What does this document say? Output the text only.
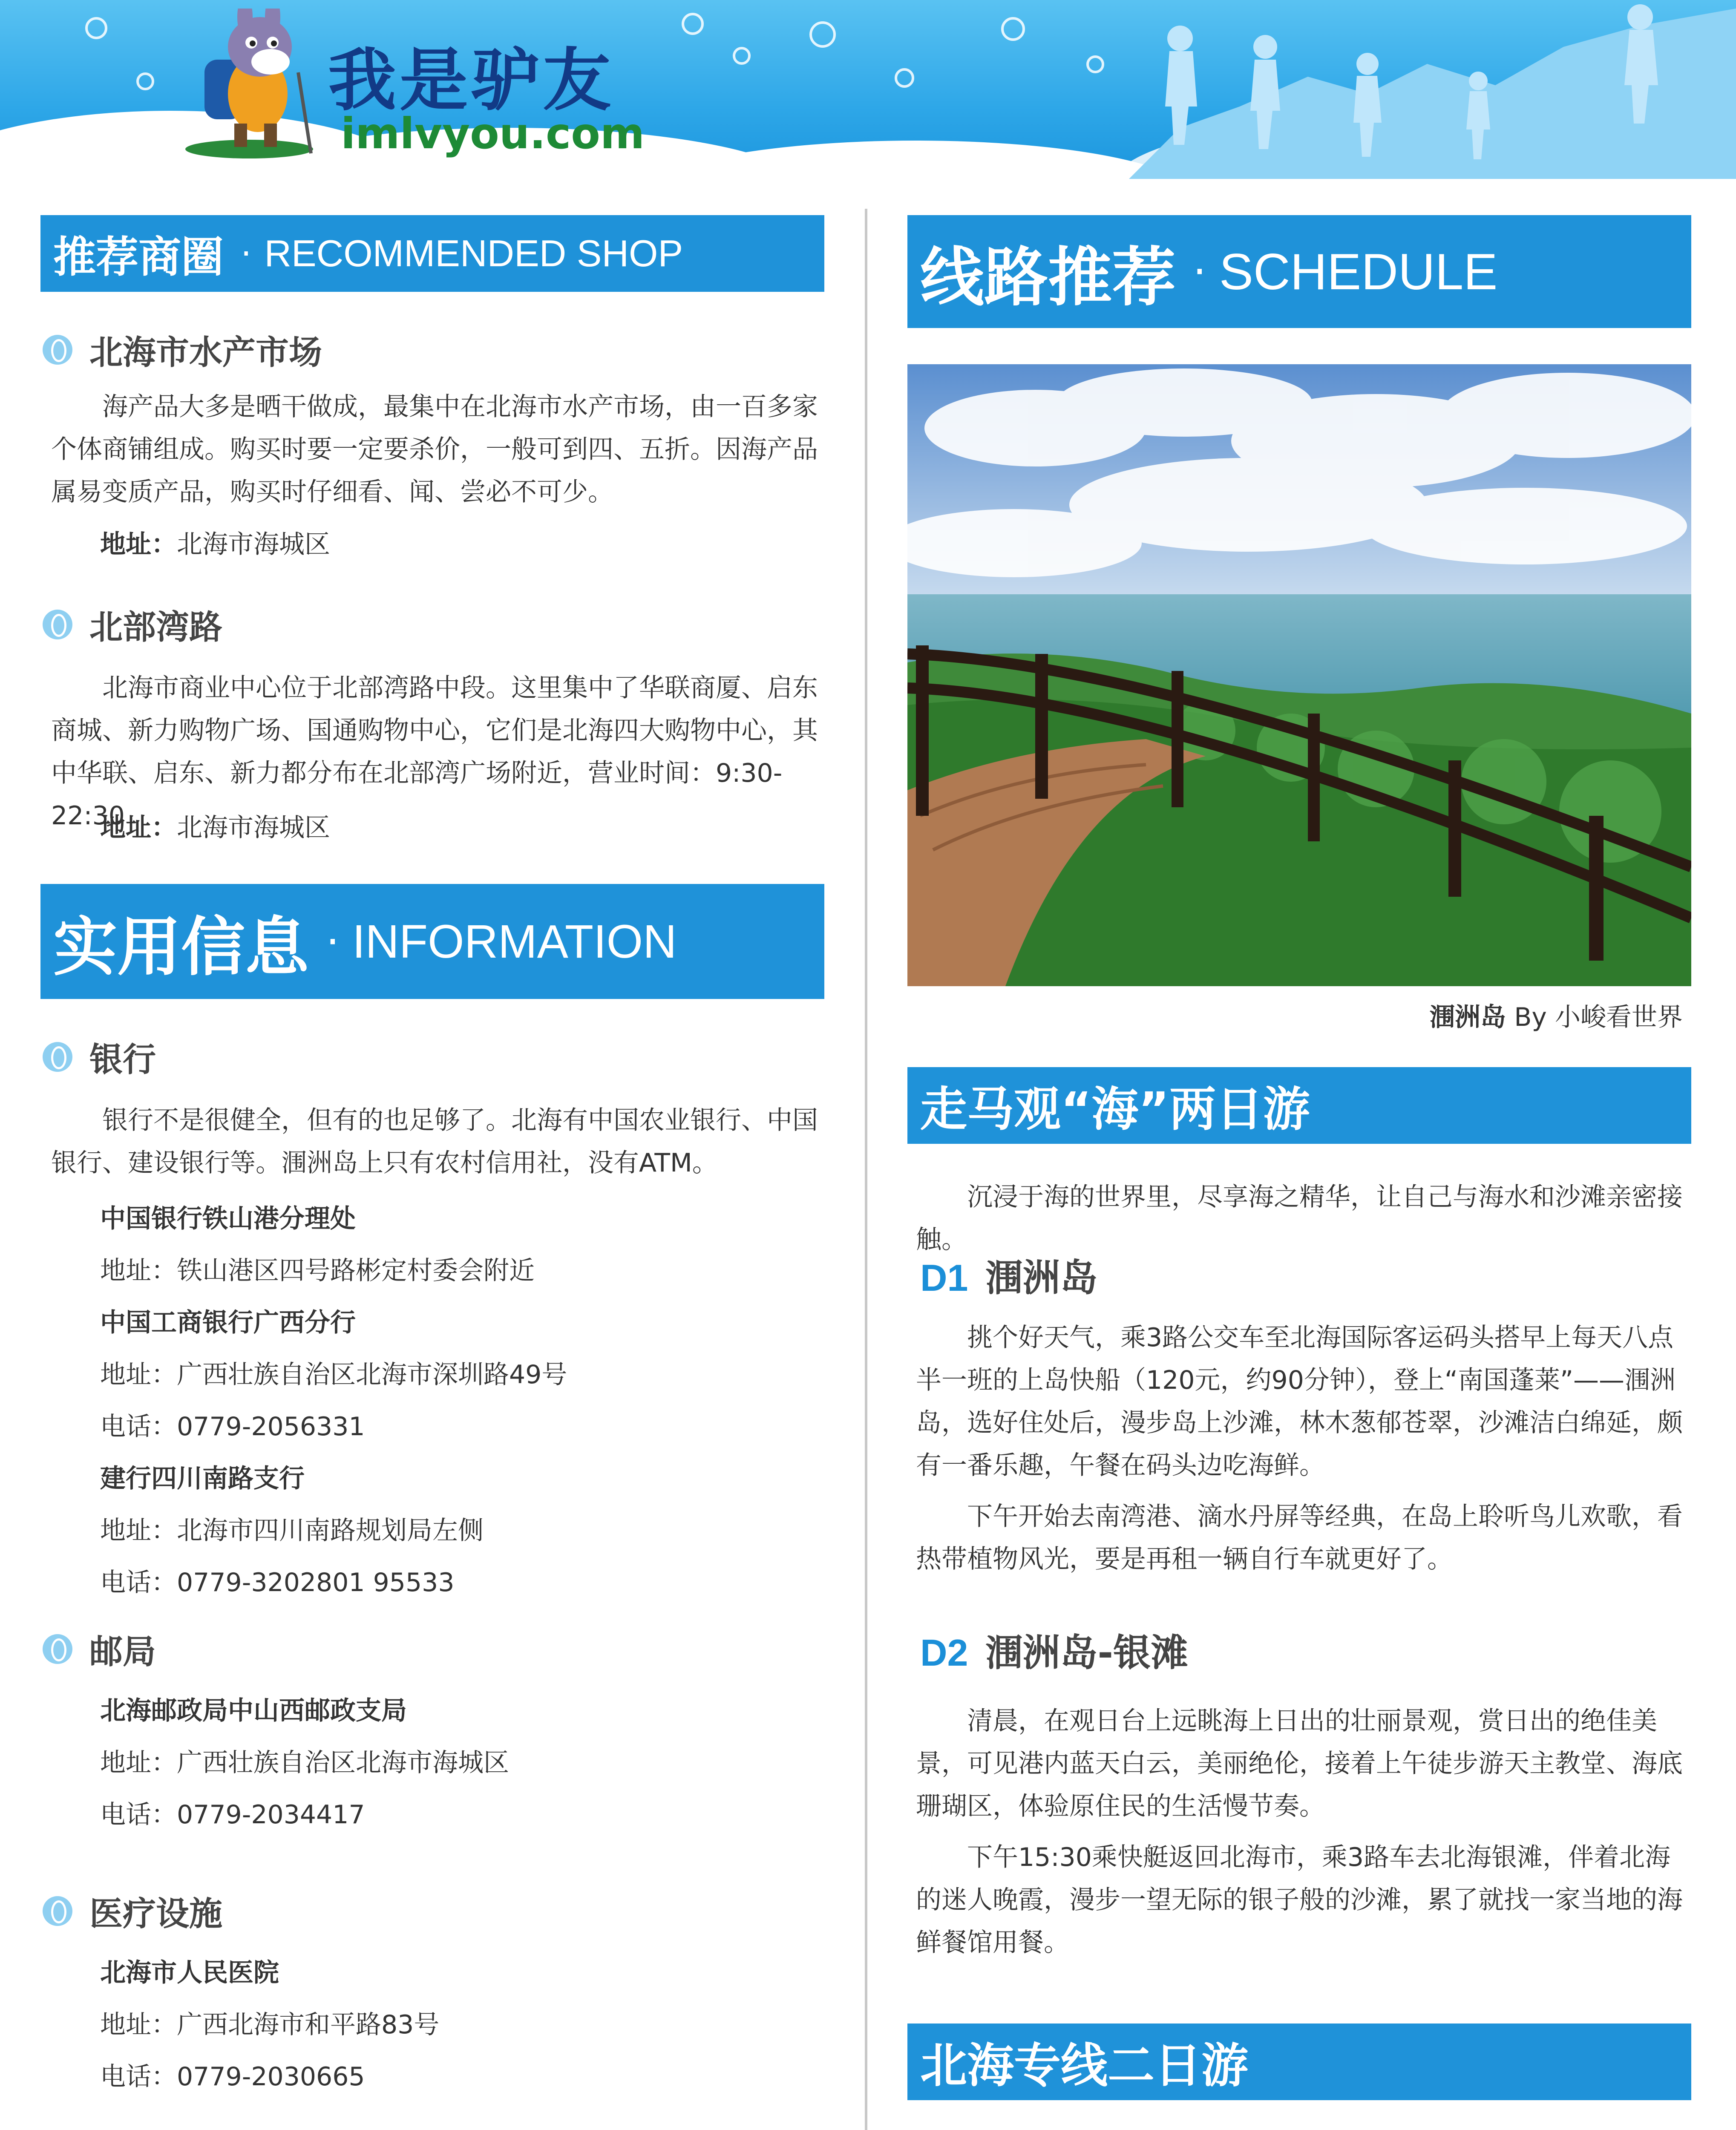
我是驴友
imlvyou.com
推荐商圈 · RECOMMENDED SHOP
北海市水产市场

海产品大多是晒干做成，最集中在北海市水产市场，由一百多家个体商铺组成。购买时要一定要杀价，一般可到四、五折。因海产品属易变质产品，购买时仔细看、闻、尝必不可少。

地址：北海市海城区
北部湾路

北海市商业中心位于北部湾路中段。这里集中了华联商厦、启东商城、新力购物广场、国通购物中心，它们是北海四大购物中心，其中华联、启东、新力都分布在北部湾广场附近，营业时间：9:30-22:30

地址：北海市海城区
实用信息 · INFORMATION
银行

银行不是很健全，但有的也足够了。北海有中国农业银行、中国银行、建设银行等。涠洲岛上只有农村信用社，没有ATM。

中国银行铁山港分理处
地址：铁山港区四号路彬定村委会附近
中国工商银行广西分行
地址：广西壮族自治区北海市深圳路49号
电话：0779-2056331
建行四川南路支行
地址：北海市四川南路规划局左侧
电话：0779-3202801 95533
邮局
北海邮政局中山西邮政支局
地址：广西壮族自治区北海市海城区
电话：0779-2034417
医疗设施
北海市人民医院
地址：广西北海市和平路83号
电话：0779-2030665

线路推荐 · SCHEDULE
涠洲岛 By 小峻看世界
走马观“海”两日游

沉浸于海的世界里，尽享海之精华，让自己与海水和沙滩亲密接触。

D1 涠洲岛

挑个好天气，乘3路公交车至北海国际客运码头搭早上每天八点半一班的上岛快船（120元，约90分钟），登上“南国蓬莱”——涠洲岛，选好住处后，漫步岛上沙滩，林木葱郁苍翠，沙滩洁白绵延，颇有一番乐趣，午餐在码头边吃海鲜。

下午开始去南湾港、滴水丹屏等经典，在岛上聆听鸟儿欢歌，看热带植物风光，要是再租一辆自行车就更好了。

D2 涠洲岛-银滩

清晨，在观日台上远眺海上日出的壮丽景观，赏日出的绝佳美景，可见港内蓝天白云，美丽绝伦，接着上午徒步游天主教堂、海底珊瑚区，体验原住民的生活慢节奏。

下午15:30乘快艇返回北海市，乘3路车去北海银滩，伴着北海的迷人晚霞，漫步一望无际的银子般的沙滩，累了就找一家当地的海鲜餐馆用餐。

北海专线二日游
